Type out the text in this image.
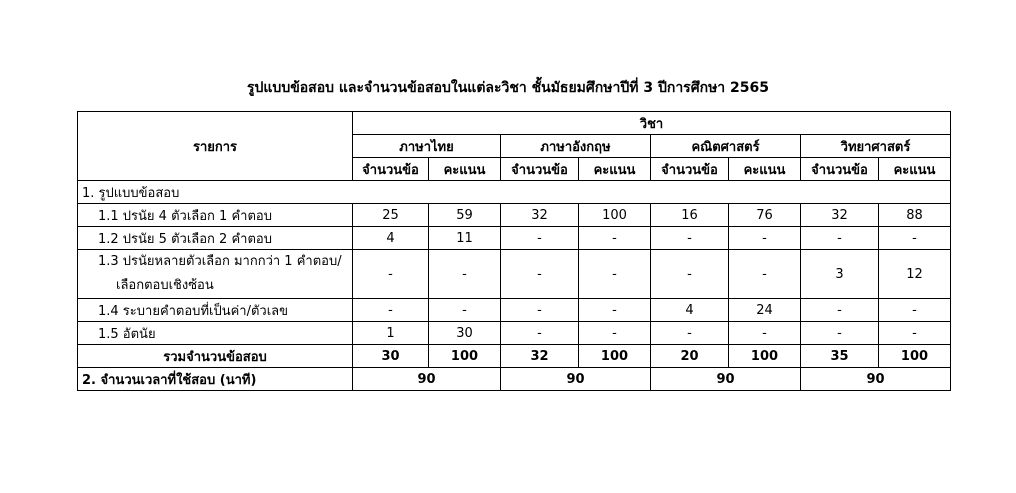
รูปแบบข้อสอบ และจำนวนข้อสอบในแต่ละวิชา ชั้นมัธยมศึกษาปีที่ 3 ปีการศึกษา 2565
รายการ	วิชา							
	ภาษาไทย		ภาษาอังกฤษ		คณิตศาสตร์		วิทยาศาสตร์	
	จำนวนข้อ	คะแนน	จำนวนข้อ	คะแนน	จำนวนข้อ	คะแนน	จำนวนข้อ	คะแนน
1. รูปแบบข้อสอบ								
1.1 ปรนัย 4 ตัวเลือก 1 คำตอบ	25	59	32	100	16	76	32	88
1.2 ปรนัย 5 ตัวเลือก 2 คำตอบ	4	11	-	-	-	-	-	-

1.3 ปรนัยหลายตัวเลือก มากกว่า 1 คำตอบ/
เลือกตอบเชิงซ้อน	-	-	-	-	-	-	3	12
1.4 ระบายคำตอบที่เป็นค่า/ตัวเลข	-	-	-	-	4	24	-	-
1.5 อัตนัย	1	30	-	-	-	-	-	-
รวมจำนวนข้อสอบ	30	100	32	100	20	100	35	100
2. จำนวนเวลาที่ใช้สอบ (นาที)	90		90		90		90	
